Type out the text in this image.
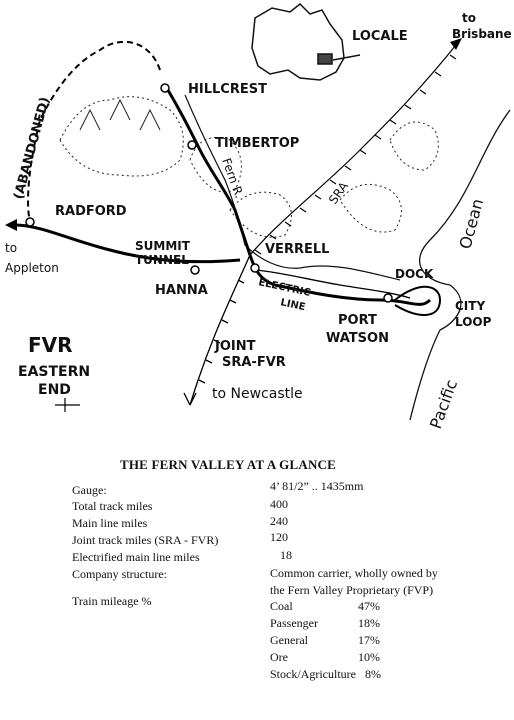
LOCALE
to
Brisbane
HILLCREST
TIMBERTOP
(ABANDONED)
RADFORD
to
Appleton
SUMMIT
TUNNEL
HANNA
VERRELL
Fern R.	SRA
Ocean
Pacific
DOCK
ELECTRIC
LINE
PORT
WATSON
CITY
LOOP
FVR
EASTERN
END
JOINT
SRA-FVR
to Newcastle
THE FERN VALLEY AT A GLANCE
Gauge:	4’ 81/2” .. 1435mm
Total track miles	400
Main line miles	240
Joint track miles (SRA - FVR)	120
Electrified main line miles	18
Company structure:	Common carrier, wholly owned by
the Fern Valley Proprietary (FVP)
Train mileage %	Coal	47%
Passenger	18%
General	17%
Ore	10%
Stock/Agriculture 8%
